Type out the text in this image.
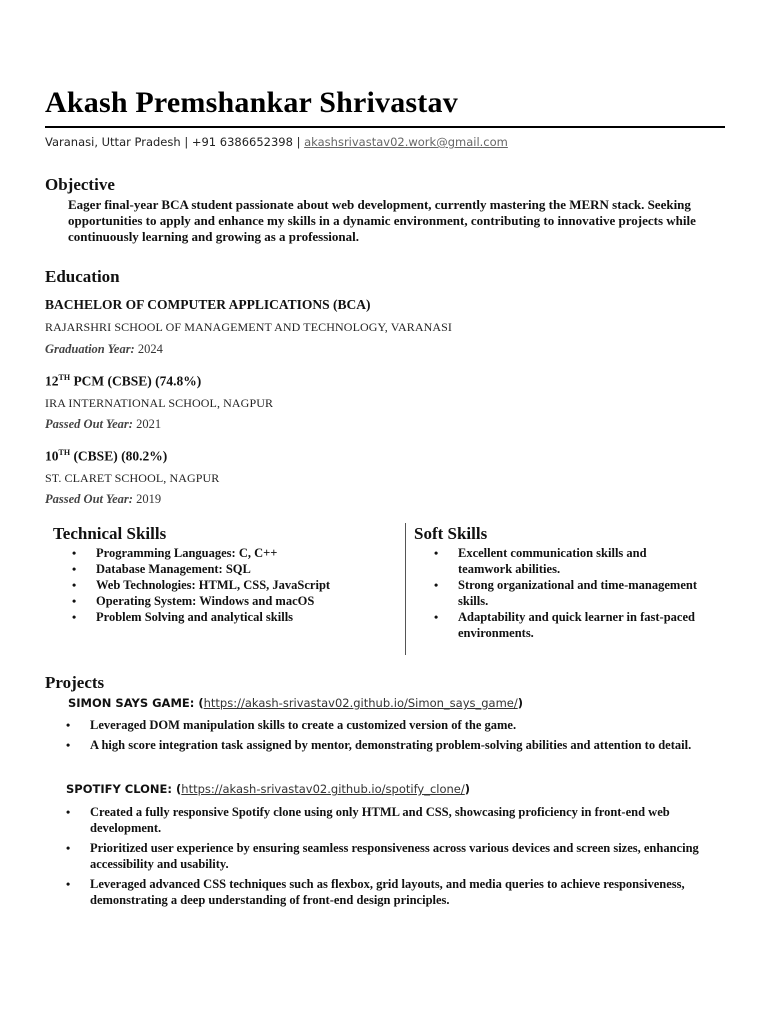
Akash Premshankar Shrivastav
Varanasi, Uttar Pradesh | +91 6386652398 | akashsrivastav02.work@gmail.com
Objective
Eager final-year BCA student passionate about web development, currently mastering the MERN stack. Seeking opportunities to apply and enhance my skills in a dynamic environment, contributing to innovative projects while continuously learning and growing as a professional.
Education
BACHELOR OF COMPUTER APPLICATIONS (BCA)
RAJARSHRI SCHOOL OF MANAGEMENT AND TECHNOLOGY, VARANASI
Graduation Year: 2024
12TH PCM (CBSE) (74.8%)
IRA INTERNATIONAL SCHOOL, NAGPUR
Passed Out Year: 2021
10TH (CBSE) (80.2%)
ST. CLARET SCHOOL, NAGPUR
Passed Out Year: 2019
Technical Skills
• Programming Languages: C, C++
• Database Management: SQL
• Web Technologies: HTML, CSS, JavaScript
• Operating System: Windows and macOS
• Problem Solving and analytical skills
Soft Skills
• Excellent communication skills and teamwork abilities.
• Strong organizational and time-management skills.
• Adaptability and quick learner in fast-paced environments.
Projects
SIMON SAYS GAME: (https://akash-srivastav02.github.io/Simon_says_game/)
• Leveraged DOM manipulation skills to create a customized version of the game.
• A high score integration task assigned by mentor, demonstrating problem-solving abilities and attention to detail.
SPOTIFY CLONE: (https://akash-srivastav02.github.io/spotify_clone/)
• Created a fully responsive Spotify clone using only HTML and CSS, showcasing proficiency in front-end web development.
• Prioritized user experience by ensuring seamless responsiveness across various devices and screen sizes, enhancing accessibility and usability.
• Leveraged advanced CSS techniques such as flexbox, grid layouts, and media queries to achieve responsiveness, demonstrating a deep understanding of front-end design principles.
